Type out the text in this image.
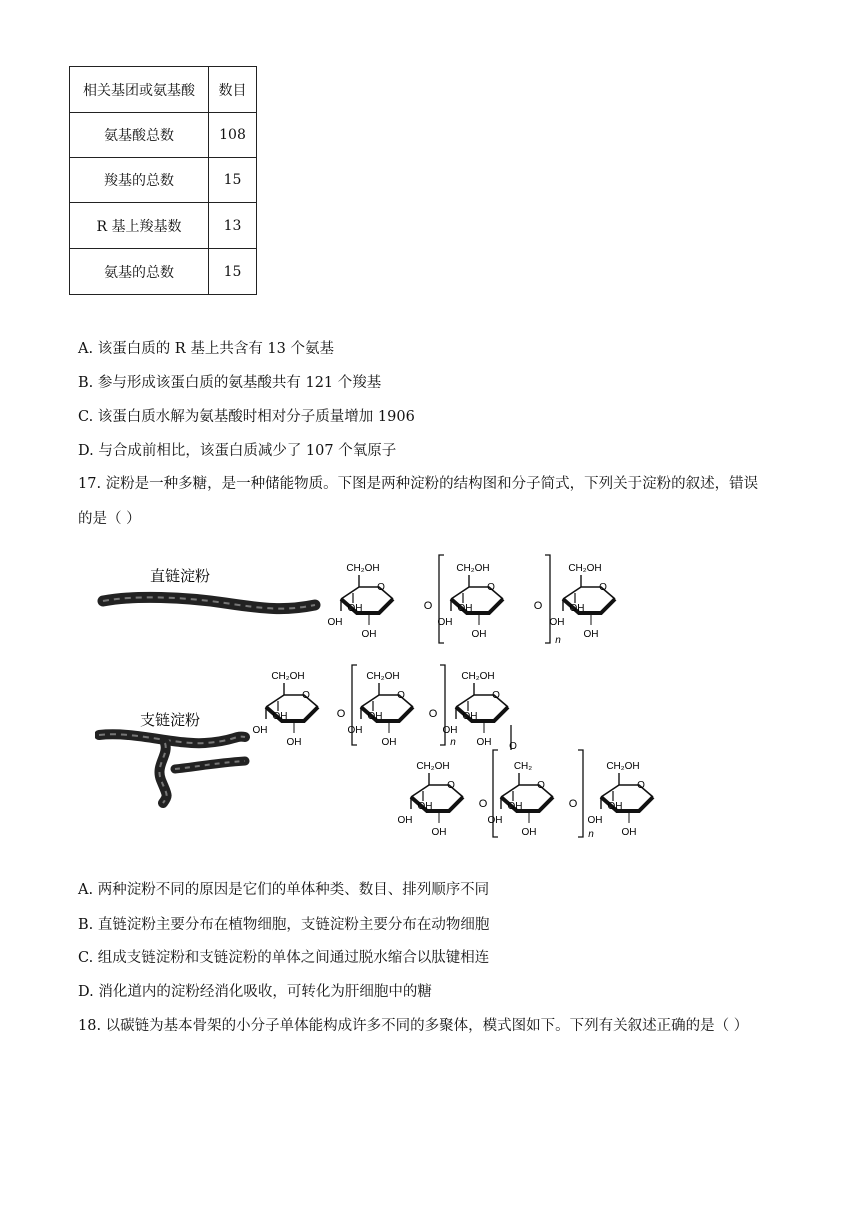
相关基团或氨基酸	数目
氨基酸总数	108
羧基的总数	15
R 基上羧基数	13
氨基的总数	15
A. 该蛋白质的 R 基上共含有 13 个氨基
B. 参与形成该蛋白质的氨基酸共有 121 个羧基
C. 该蛋白质水解为氨基酸时相对分子质量增加 1906
D. 与合成前相比，该蛋白质减少了 107 个氧原子
17. 淀粉是一种多糖，是一种储能物质。下图是两种淀粉的结构图和分子简式，下列关于淀粉的叙述，错误
的是（ ）
直链淀粉
支链淀粉
O
CH₂OH
OH
OH
OH
O
O
CH₂OH
OH
OH
OH
O
O
CH₂OH
OH
OH
OH
n
O
CH₂OH
OH
OH
OH
O
O
CH₂OH
OH
OH
OH
O
O
CH₂OH
OH
OH
OH
n	O
O
CH₂OH
OH
OH
OH
O
O
CH₂
OH
OH
OH
O
O
CH₂OH
OH
OH
OH
n
A. 两种淀粉不同的原因是它们的单体种类、数目、排列顺序不同
B. 直链淀粉主要分布在植物细胞，支链淀粉主要分布在动物细胞
C. 组成支链淀粉和支链淀粉的单体之间通过脱水缩合以肽键相连
D. 消化道内的淀粉经消化吸收，可转化为肝细胞中的糖
18. 以碳链为基本骨架的小分子单体能构成许多不同的多聚体，模式图如下。下列有关叙述正确的是（ ）
